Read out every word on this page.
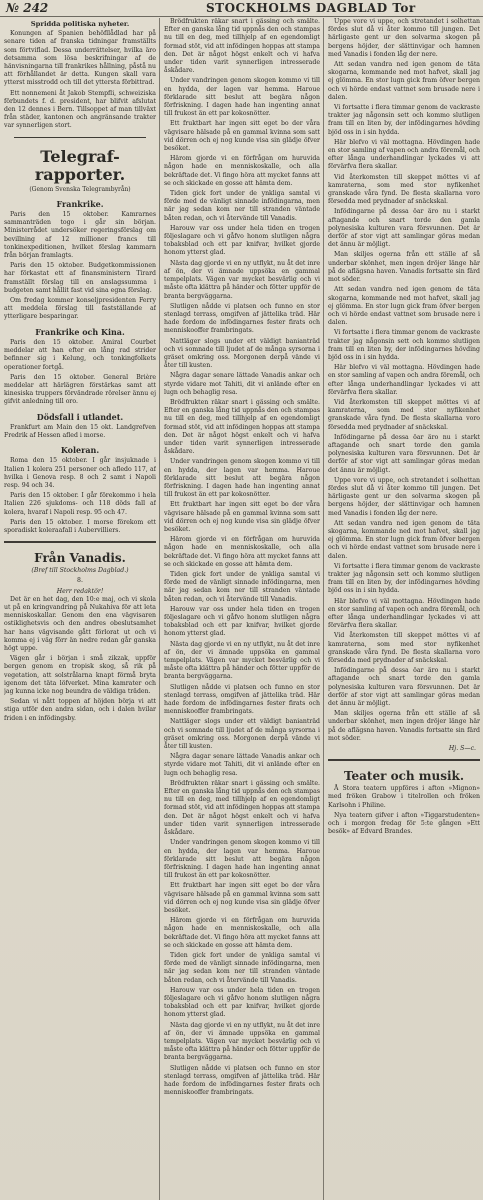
№ 242	STOCKHOLMS DAGBLAD Tor
Spridda politiska nyheter.

Konungen af Spanien behöfllådlad har på senare tiden af franska tidningar framställts som förtviflad. Dessa underrättelser, hvilka äro detsamma som lösa beskrifningar af de hänvisningarna till frankrikes hållning, påstå nu att förhållandet är detta. Kungen skall vara ytterst misstrodd och till det yttersta förbittrad.

Ett nonnemeni åt Jakob Stempfli, schweiziska förbundets f. d. president, har blifvit afslutat den 12 dennes i Bern. Tillsoppet af man tillväxt från städer, kantonen och angränsande trakter var synnerligen stort.

Telegraf-rapporter.
(Genom Svenska Telegrambyrån)
Frankrike.

Paris den 15 oktober. Kamrarnes sammanträden togo i går sin början. Ministerrådet undersöker regeringsförslag om bevillning af 12 millioner francs till tonkinexpeditionen, hvilket förslag kammarn från början framlagts.

Paris den 15 oktober. Budgetkommissionen har förkastat ett af finansministern Tirard framställt förslag till en anslagssumma i budgeten samt hållit fast vid sina egna förslag.

Om fredag kommer konseljpresidenten Ferry att meddela förslag till fastställande af ytterligare besparingar.

Frankrike och Kina.

Paris den 15 oktober. Amiral Courbet meddelar att han efter en lång rad strider befinner sig i Kelung, och tonkingfolkets operationer fortgå.

Paris den 15 oktober. General Brière meddelar att härlägren förstärkas samt att kinesiska truppers förvändrade rörelser ännu ej gifvit anledning till oro.

Dödsfall i utlandet.

Frankfurt am Main den 15 okt. Landgrefven Fredrik af Hessen afled i morse.

Koleran.

Roma den 15 oktober. I går insjuknade i Italien 1 kolera 251 personer och afledo 117, af hvilka i Genova resp. 8 och 2 samt i Napoli resp. 94 och 34.

Paris den 15 oktober. I går förekommo i hela Italien 226 sjukdoms- och 118 döds fall af kolera, hvaraf i Napoli resp. 95 och 47.

Paris den 15 oktober. I morse förekom ett sporadiskt koleraafall i Aubervilliers.

Från Vanadis.
(Bref till Stockholms Dagblad.)
8.
Herr redaktör!

Det är en het dag, den 10:e maj, och vi skola ut på en kringvandring på Nukahiva för att leta menniskoskallar. Genom den ena vägvisaren ostiklighetsvis och den andres obeslutsamhet har hans vägvisande gått förlorat ut och vi komma ej i väg förr än nedre redan går ganska högt uppe.

Vägen går i början i små zikzak, uppför bergen genom en tropisk skog, så rik på vegetation, att solstrålarna knapt förmå bryta igenom det täta löfverket. Mina kamrater och jag kunna icke nog beundra de väldiga träden.

Sedan vi nått toppen af höjden börja vi att stiga utför den andra sidan, och i dalen hvilar friden i en infödingsby.

Brödfrukten räkar snart i gässing och smälte. Efter en ganska lång tid uppnås den och stampas nu till en deg, med tillhjelp af en egendomligt formad stöt, vid att infödingen hoppas att stampa den. Det är något högst enkelt och vi hafva under tiden varit synnerligen intresserade åskådare.

Under vandringen genom skogen kommo vi till en hydda, der lagen var hemma. Haroue förklarade sitt beslut att begära någon förfriskning. I dagen hade han ingenting annat till frukost än ett par kokosnötter.

Ett fruktbart har ingen sitt eget bo der våra vägvisare hälsade på en gammal kvinna som satt vid dörren och ej nog kunde visa sin glädje öfver besöket.

Härom gjorde vi en förfrågan om huruvida någon hade en menniskoskalle, och alla bekräftade det. Vi fingo höra att mycket fanns att se och skickade en gosse att hämta dem.

Tiden gick fort under de ynkliga samtal vi förde med de vänligt sinnade infödingarna, men när jag sedan kom ner till stranden väntade båten redan, och vi återvände till Vanadis.

Harouw var oss under hela tiden en trogen följeslagare och vi gåfvo honom slutligen några tobaksblad och ett par knifvar, hvilket gjorde honom ytterst glad.

Nästa dag gjorde vi en ny utflykt, nu åt det inre af ön, der vi ämnade uppsöka en gammal tempelplats. Vägen var mycket besvärlig och vi måste ofta klättra på händer och fötter uppför de branta bergväggarna.

Slutligen nådde vi platsen och funno en stor stenlagd terrass, omgifven af jättelika träd. Här hade fordom de infödingarnes fester firats och menniskooffer frambringats.

Nattläger slogs under ett väldigt banianträd och vi somnade till ljudet af de många syrsorna i gräset omkring oss. Morgonen derpå vände vi åter till kusten.

Några dagar senare lättade Vanadis ankar och styrde vidare mot Tahiti, dit vi anlände efter en lugn och behaglig resa.

Brödfrukten räkar snart i gässing och smälte. Efter en ganska lång tid uppnås den och stampas nu till en deg, med tillhjelp af en egendomligt formad stöt, vid att infödingen hoppas att stampa den. Det är något högst enkelt och vi hafva under tiden varit synnerligen intresserade åskådare.

Under vandringen genom skogen kommo vi till en hydda, der lagen var hemma. Haroue förklarade sitt beslut att begära någon förfriskning. I dagen hade han ingenting annat till frukost än ett par kokosnötter.

Ett fruktbart har ingen sitt eget bo der våra vägvisare hälsade på en gammal kvinna som satt vid dörren och ej nog kunde visa sin glädje öfver besöket.

Härom gjorde vi en förfrågan om huruvida någon hade en menniskoskalle, och alla bekräftade det. Vi fingo höra att mycket fanns att se och skickade en gosse att hämta dem.

Tiden gick fort under de ynkliga samtal vi förde med de vänligt sinnade infödingarna, men när jag sedan kom ner till stranden väntade båten redan, och vi återvände till Vanadis.

Harouw var oss under hela tiden en trogen följeslagare och vi gåfvo honom slutligen några tobaksblad och ett par knifvar, hvilket gjorde honom ytterst glad.

Nästa dag gjorde vi en ny utflykt, nu åt det inre af ön, der vi ämnade uppsöka en gammal tempelplats. Vägen var mycket besvärlig och vi måste ofta klättra på händer och fötter uppför de branta bergväggarna.

Slutligen nådde vi platsen och funno en stor stenlagd terrass, omgifven af jättelika träd. Här hade fordom de infödingarnes fester firats och menniskooffer frambringats.

Nattläger slogs under ett väldigt banianträd och vi somnade till ljudet af de många syrsorna i gräset omkring oss. Morgonen derpå vände vi åter till kusten.

Några dagar senare lättade Vanadis ankar och styrde vidare mot Tahiti, dit vi anlände efter en lugn och behaglig resa.

Brödfrukten räkar snart i gässing och smälte. Efter en ganska lång tid uppnås den och stampas nu till en deg, med tillhjelp af en egendomligt formad stöt, vid att infödingen hoppas att stampa den. Det är något högst enkelt och vi hafva under tiden varit synnerligen intresserade åskådare.

Under vandringen genom skogen kommo vi till en hydda, der lagen var hemma. Haroue förklarade sitt beslut att begära någon förfriskning. I dagen hade han ingenting annat till frukost än ett par kokosnötter.

Ett fruktbart har ingen sitt eget bo der våra vägvisare hälsade på en gammal kvinna som satt vid dörren och ej nog kunde visa sin glädje öfver besöket.

Härom gjorde vi en förfrågan om huruvida någon hade en menniskoskalle, och alla bekräftade det. Vi fingo höra att mycket fanns att se och skickade en gosse att hämta dem.

Tiden gick fort under de ynkliga samtal vi förde med de vänligt sinnade infödingarna, men när jag sedan kom ner till stranden väntade båten redan, och vi återvände till Vanadis.

Harouw var oss under hela tiden en trogen följeslagare och vi gåfvo honom slutligen några tobaksblad och ett par knifvar, hvilket gjorde honom ytterst glad.

Nästa dag gjorde vi en ny utflykt, nu åt det inre af ön, der vi ämnade uppsöka en gammal tempelplats. Vägen var mycket besvärlig och vi måste ofta klättra på händer och fötter uppför de branta bergväggarna.

Slutligen nådde vi platsen och funno en stor stenlagd terrass, omgifven af jättelika träd. Här hade fordom de infödingarnes fester firats och menniskooffer frambringats.

Uppe vore vi uppe, och stretandet i solhettan fördes slut då vi åter kommo till jungen. Det härligaste gent ur den solvarma skogen på bergens höjder, der slättinvigar och hamnen med Vanadis i fonden låg der nere.

Att sedan vandra ned igen genom de täta skogarna, kommande ned mot hafvet, skall jag ej glömma. En stor lugn gick fram öfver bergen och vi hörde endast vattnet som brusade nere i dalen.

Vi fortsatte i flera timmar genom de vackraste trakter jag någonsin sett och kommo slutligen fram till en liten by, der infödingarnes hövding bjöd oss in i sin hydda.

Här blefvo vi väl mottagna. Hövdingen hade en stor samling af vapen och andra föremål, och efter långa underhandlingar lyckades vi att förvärfva flera skallar.

Vid återkomsten till skeppet möttes vi af kamraterna, som med stor nyfikenhet granskade våra fynd. De flesta skallarna voro försedda med prydnader af snäckskal.

Infödingarne på dessa öar äro nu i starkt aftagande och snart torde den gamla polynesiska kulturen vara försvunnen. Det är derför af stor vigt att samlingar göras medan det ännu är möjligt.

Man skiljes ogerna från ett ställe af så underbar skönhet, men ingen dröjer länge här på de aflägsna haven. Vanadis fortsatte sin färd mot söder.

Att sedan vandra ned igen genom de täta skogarna, kommande ned mot hafvet, skall jag ej glömma. En stor lugn gick fram öfver bergen och vi hörde endast vattnet som brusade nere i dalen.

Vi fortsatte i flera timmar genom de vackraste trakter jag någonsin sett och kommo slutligen fram till en liten by, der infödingarnes hövding bjöd oss in i sin hydda.

Här blefvo vi väl mottagna. Hövdingen hade en stor samling af vapen och andra föremål, och efter långa underhandlingar lyckades vi att förvärfva flera skallar.

Vid återkomsten till skeppet möttes vi af kamraterna, som med stor nyfikenhet granskade våra fynd. De flesta skallarna voro försedda med prydnader af snäckskal.

Infödingarne på dessa öar äro nu i starkt aftagande och snart torde den gamla polynesiska kulturen vara försvunnen. Det är derför af stor vigt att samlingar göras medan det ännu är möjligt.

Uppe vore vi uppe, och stretandet i solhettan fördes slut då vi åter kommo till jungen. Det härligaste gent ur den solvarma skogen på bergens höjder, der slättinvigar och hamnen med Vanadis i fonden låg der nere.

Att sedan vandra ned igen genom de täta skogarna, kommande ned mot hafvet, skall jag ej glömma. En stor lugn gick fram öfver bergen och vi hörde endast vattnet som brusade nere i dalen.

Vi fortsatte i flera timmar genom de vackraste trakter jag någonsin sett och kommo slutligen fram till en liten by, der infödingarnes hövding bjöd oss in i sin hydda.

Här blefvo vi väl mottagna. Hövdingen hade en stor samling af vapen och andra föremål, och efter långa underhandlingar lyckades vi att förvärfva flera skallar.

Vid återkomsten till skeppet möttes vi af kamraterna, som med stor nyfikenhet granskade våra fynd. De flesta skallarna voro försedda med prydnader af snäckskal.

Infödingarne på dessa öar äro nu i starkt aftagande och snart torde den gamla polynesiska kulturen vara försvunnen. Det är derför af stor vigt att samlingar göras medan det ännu är möjligt.

Man skiljes ogerna från ett ställe af så underbar skönhet, men ingen dröjer länge här på de aflägsna haven. Vanadis fortsatte sin färd mot söder.

Hj. S—c.
Teater och musik.

Å Stora teatern uppföres i afton »Mignon» med fröken Grabow i titelrollen och fröken Karlsohn i Philine.

Nya teatern gifver i afton »Tiggarstudenten» och i morgon fredag för 5:te gången »Ett besök» af Edvard Brandes.
